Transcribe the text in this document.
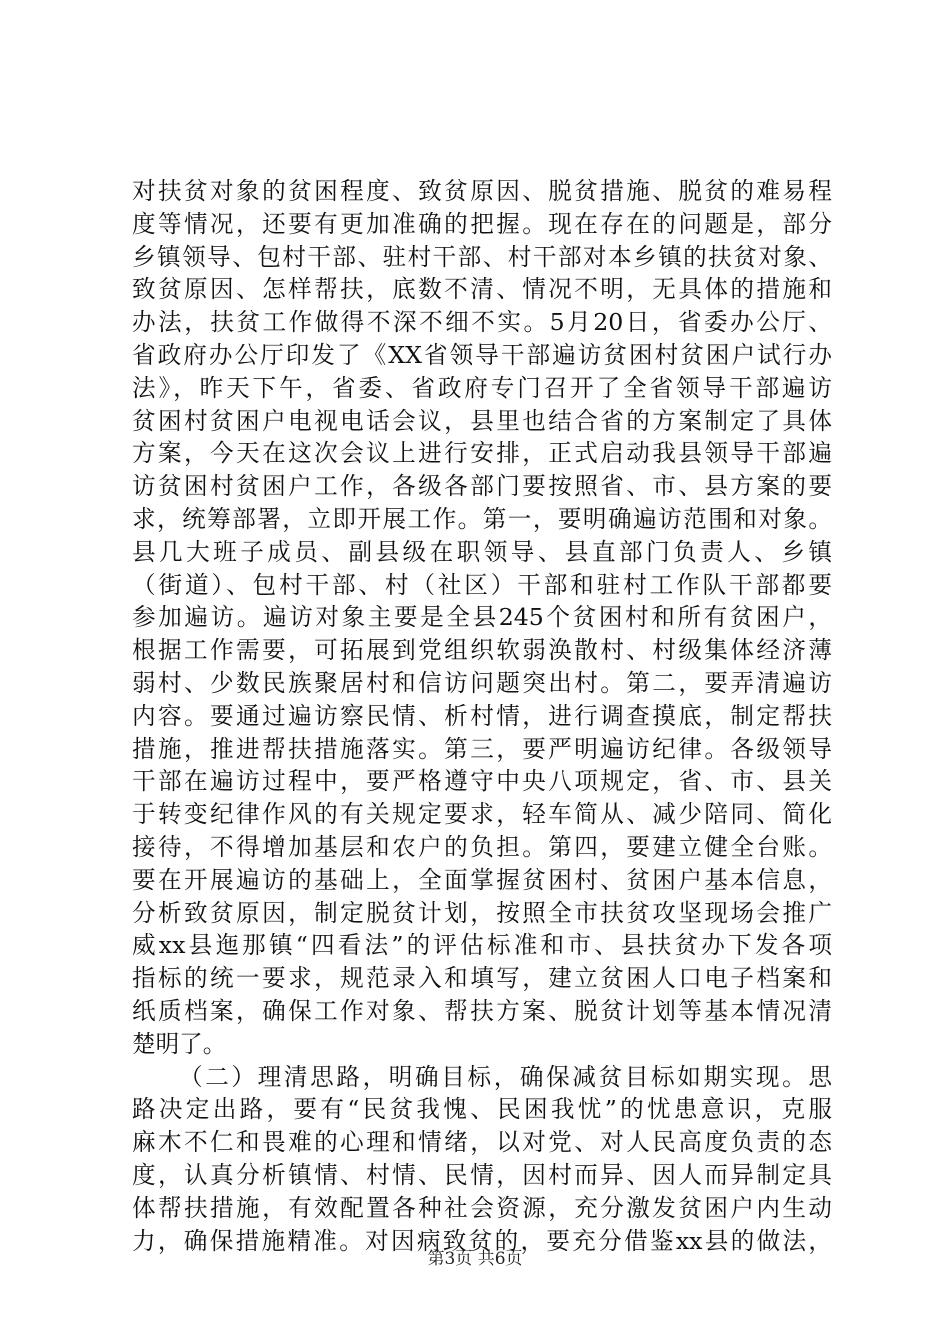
对扶贫对象的贫困程度、致贫原因、脱贫措施、脱贫的难易程
度等情况，还要有更加准确的把握。现在存在的问题是，部分
乡镇领导、包村干部、驻村干部、村干部对本乡镇的扶贫对象、
致贫原因、怎样帮扶，底数不清、情况不明，无具体的措施和
办法，扶贫工作做得不深不细不实。5月20日，省委办公厅、
省政府办公厅印发了《XX省领导干部遍访贫困村贫困户试行办
法》，昨天下午，省委、省政府专门召开了全省领导干部遍访
贫困村贫困户电视电话会议，县里也结合省的方案制定了具体
方案，今天在这次会议上进行安排，正式启动我县领导干部遍
访贫困村贫困户工作，各级各部门要按照省、市、县方案的要
求，统筹部署，立即开展工作。第一，要明确遍访范围和对象。
县几大班子成员、副县级在职领导、县直部门负责人、乡镇
（街道）、包村干部、村（社区）干部和驻村工作队干部都要
参加遍访。遍访对象主要是全县245个贫困村和所有贫困户，
根据工作需要，可拓展到党组织软弱涣散村、村级集体经济薄
弱村、少数民族聚居村和信访问题突出村。第二，要弄清遍访
内容。要通过遍访察民情、析村情，进行调查摸底，制定帮扶
措施，推进帮扶措施落实。第三，要严明遍访纪律。各级领导
干部在遍访过程中，要严格遵守中央八项规定，省、市、县关
于转变纪律作风的有关规定要求，轻车简从、减少陪同、简化
接待，不得增加基层和农户的负担。第四，要建立健全台账。
要在开展遍访的基础上，全面掌握贫困村、贫困户基本信息，
分析致贫原因，制定脱贫计划，按照全市扶贫攻坚现场会推广
威xx县迤那镇“四看法”的评估标准和市、县扶贫办下发各项
指标的统一要求，规范录入和填写，建立贫困人口电子档案和
纸质档案，确保工作对象、帮扶方案、脱贫计划等基本情况清
楚明了。
（二）理清思路，明确目标，确保减贫目标如期实现。思
路决定出路，要有“民贫我愧、民困我忧”的忧患意识，克服
麻木不仁和畏难的心理和情绪，以对党、对人民高度负责的态
度，认真分析镇情、村情、民情，因村而异、因人而异制定具
体帮扶措施，有效配置各种社会资源，充分激发贫困户内生动
力，确保措施精准。对因病致贫的，要充分借鉴xx县的做法，
第3页 共6页
